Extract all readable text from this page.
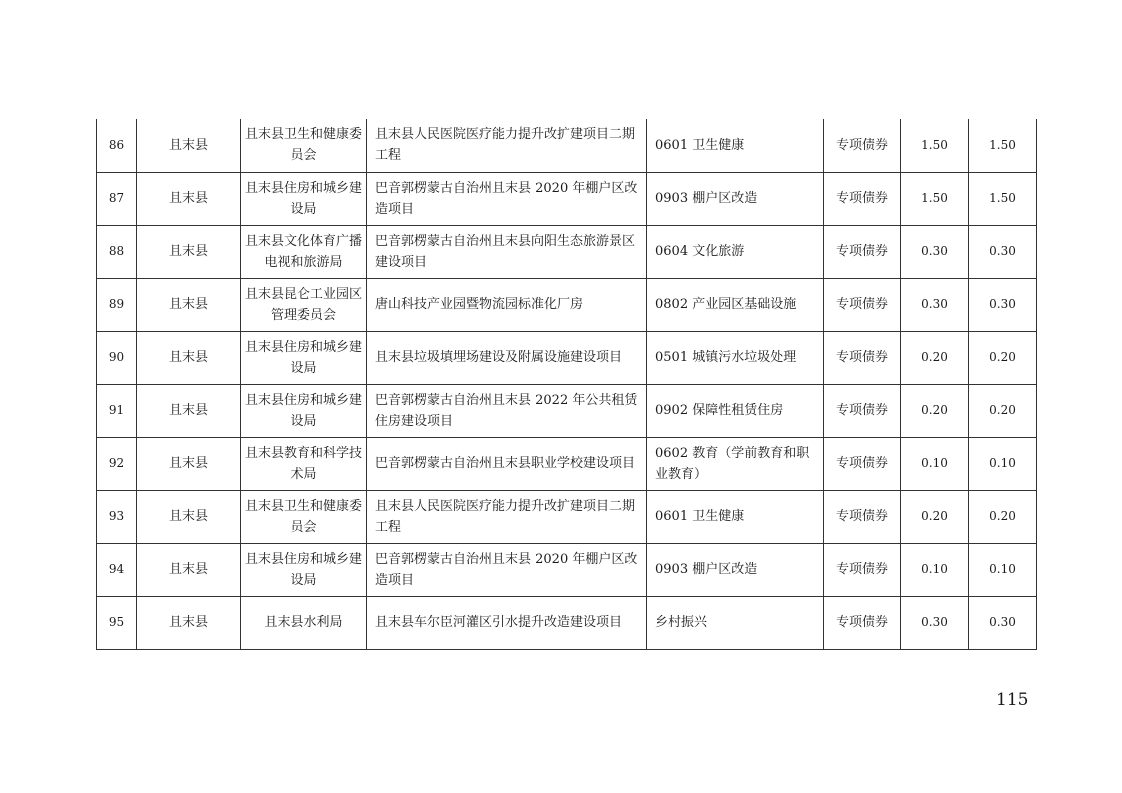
86	且末县	且末县卫生和健康委员会	且末县人民医院医疗能力提升改扩建项目二期工程	0601 卫生健康	专项债券	1.50	1.50
87	且末县	且末县住房和城乡建设局	巴音郭楞蒙古自治州且末县 2020 年棚户区改造项目	0903 棚户区改造	专项债券	1.50	1.50
88	且末县	且末县文化体育广播电视和旅游局	巴音郭楞蒙古自治州且末县向阳生态旅游景区建设项目	0604 文化旅游	专项债券	0.30	0.30
89	且末县	且末县昆仑工业园区管理委员会	唐山科技产业园暨物流园标准化厂房	0802 产业园区基础设施	专项债券	0.30	0.30
90	且末县	且末县住房和城乡建设局	且末县垃圾填埋场建设及附属设施建设项目	0501 城镇污水垃圾处理	专项债券	0.20	0.20
91	且末县	且末县住房和城乡建设局	巴音郭楞蒙古自治州且末县 2022 年公共租赁住房建设项目	0902 保障性租赁住房	专项债券	0.20	0.20
92	且末县	且末县教育和科学技术局	巴音郭楞蒙古自治州且末县职业学校建设项目	0602 教育（学前教育和职业教育）	专项债券	0.10	0.10
93	且末县	且末县卫生和健康委员会	且末县人民医院医疗能力提升改扩建项目二期工程	0601 卫生健康	专项债券	0.20	0.20
94	且末县	且末县住房和城乡建设局	巴音郭楞蒙古自治州且末县 2020 年棚户区改造项目	0903 棚户区改造	专项债券	0.10	0.10
95	且末县	且末县水利局	且末县车尔臣河灌区引水提升改造建设项目	乡村振兴	专项债券	0.30	0.30
115
